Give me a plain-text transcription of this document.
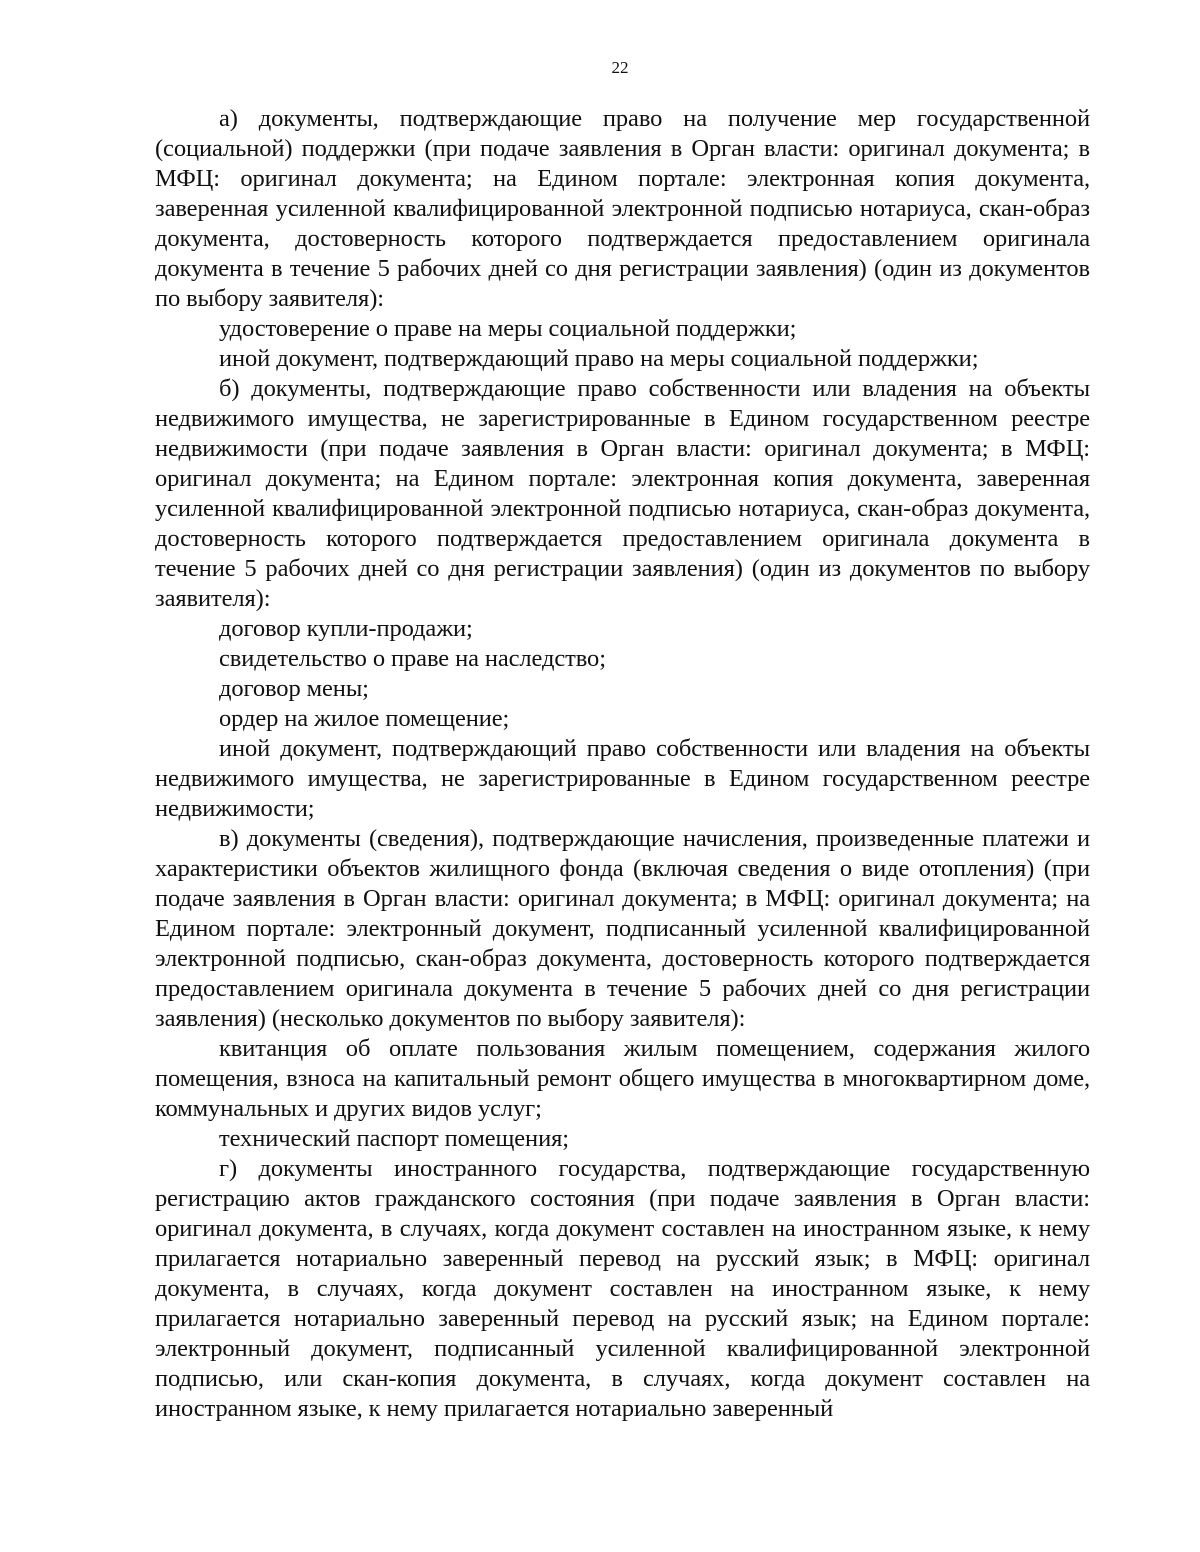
22

а) документы, подтверждающие право на получение мер государственной (социальной) поддержки (при подаче заявления в Орган власти: оригинал документа; в МФЦ: оригинал документа; на Едином портале: электронная копия документа, заверенная усиленной квалифицированной электронной подписью нотариуса, скан-образ документа, достоверность которого подтверждается предоставлением оригинала документа в течение 5 рабочих дней со дня регистрации заявления) (один из документов по выбору заявителя):

удостоверение о праве на меры социальной поддержки;

иной документ, подтверждающий право на меры социальной поддержки;

б) документы, подтверждающие право собственности или владения на объекты недвижимого имущества, не зарегистрированные в Едином государственном реестре недвижимости (при подаче заявления в Орган власти: оригинал документа; в МФЦ: оригинал документа; на Едином портале: электронная копия документа, заверенная усиленной квалифицированной электронной подписью нотариуса, скан-образ документа, достоверность которого подтверждается предоставлением оригинала документа в течение 5 рабочих дней со дня регистрации заявления) (один из документов по выбору заявителя):

договор купли-продажи;

свидетельство о праве на наследство;

договор мены;

ордер на жилое помещение;

иной документ, подтверждающий право собственности или владения на объекты недвижимого имущества, не зарегистрированные в Едином государственном реестре недвижимости;

в) документы (сведения), подтверждающие начисления, произведенные платежи и характеристики объектов жилищного фонда (включая сведения о виде отопления) (при подаче заявления в Орган власти: оригинал документа; в МФЦ: оригинал документа; на Едином портале: электронный документ, подписанный усиленной квалифицированной электронной подписью, скан-образ документа, достоверность которого подтверждается предоставлением оригинала документа в течение 5 рабочих дней со дня регистрации заявления) (несколько документов по выбору заявителя):

квитанция об оплате пользования жилым помещением, содержания жилого помещения, взноса на капитальный ремонт общего имущества в многоквартирном доме, коммунальных и других видов услуг;

технический паспорт помещения;

г) документы иностранного государства, подтверждающие государственную регистрацию актов гражданского состояния (при подаче заявления в Орган власти: оригинал документа, в случаях, когда документ составлен на иностранном языке, к нему прилагается нотариально заверенный перевод на русский язык; в МФЦ: оригинал документа, в случаях, когда документ составлен на иностранном языке, к нему прилагается нотариально заверенный перевод на русский язык; на Едином портале: электронный документ, подписанный усиленной квалифицированной электронной подписью, или скан-копия документа, в случаях, когда документ составлен на иностранном языке, к нему прилагается нотариально заверенный
